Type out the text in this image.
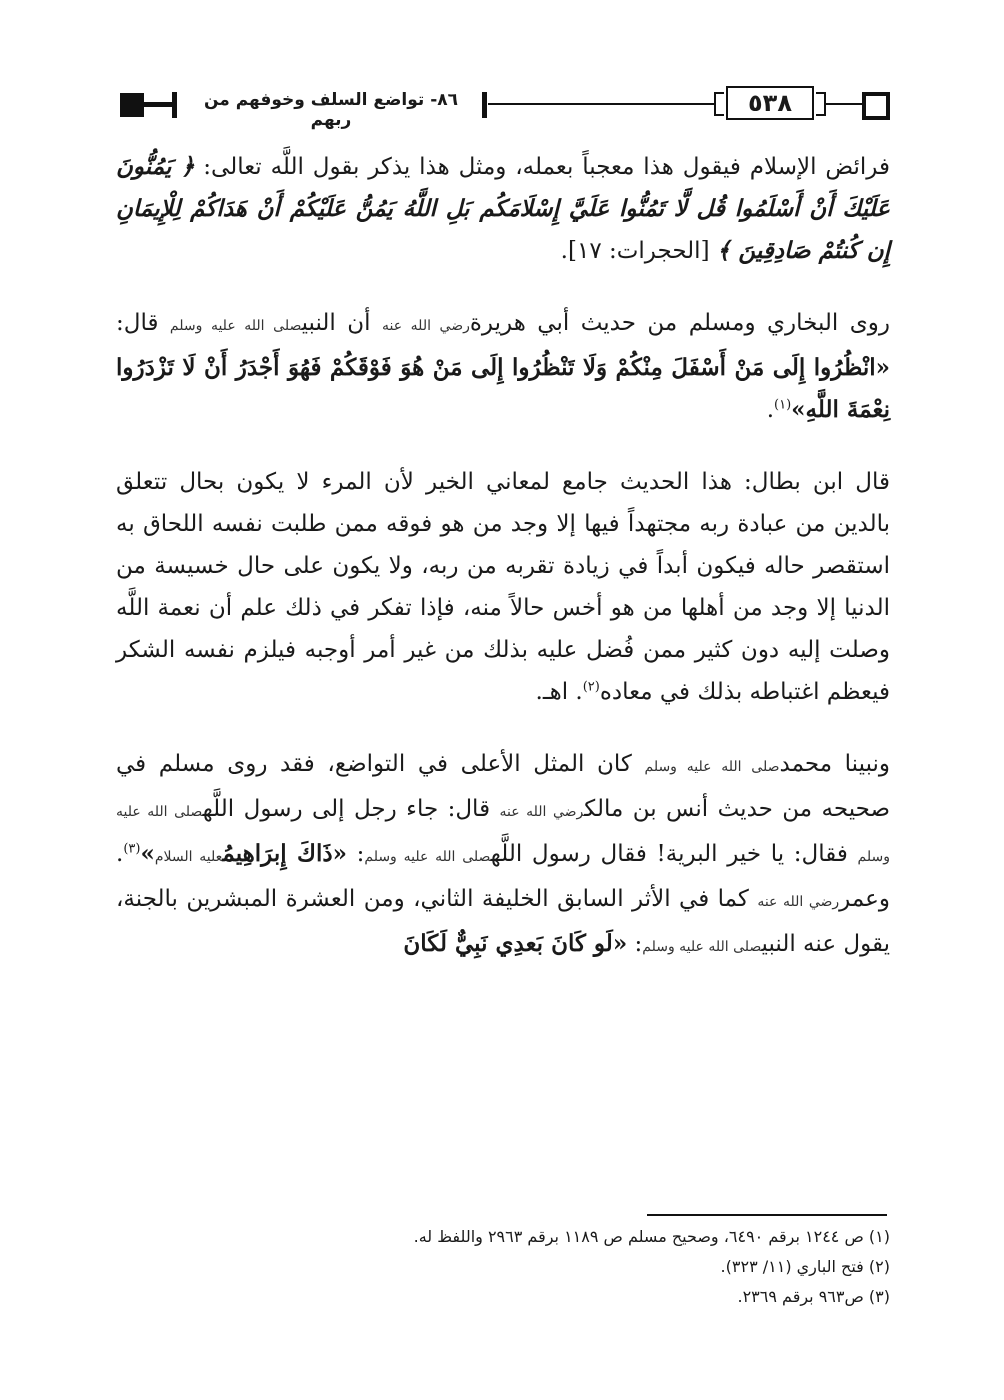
٨٦- تواضع السلف وخوفهم من ربهم
٥٣٨
فرائض الإسلام فيقول هذا معجباً بعمله، ومثل هذا يذكر بقول اللَّه تعالى: ﴿ يَمُنُّونَ عَلَيْكَ أَنْ أَسْلَمُوا قُل لَّا تَمُنُّوا عَلَيَّ إِسْلَامَكُم بَلِ اللَّهُ يَمُنُّ عَلَيْكُمْ أَنْ هَدَاكُمْ لِلْإِيمَانِ إِن كُنتُمْ صَادِقِينَ ﴾ [الحجرات: ١٧].
روى البخاري ومسلم من حديث أبي هريرةرضي الله عنه أن النبيصلى الله عليه وسلم قال: «انْظُرُوا إِلَى مَنْ أَسْفَلَ مِنْكُمْ وَلَا تَنْظُرُوا إِلَى مَنْ هُوَ فَوْقَكُمْ فَهُوَ أَجْدَرُ أَنْ لَا تَزْدَرُوا نِعْمَةَ اللَّهِ»$^{(١)}$.
قال ابن بطال: هذا الحديث جامع لمعاني الخير لأن المرء لا يكون بحال تتعلق بالدين من عبادة ربه مجتهداً فيها إلا وجد من هو فوقه ممن طلبت نفسه اللحاق به استقصر حاله فيكون أبداً في زيادة تقربه من ربه، ولا يكون على حال خسيسة من الدنيا إلا وجد من أهلها من هو أخس حالاً منه، فإذا تفكر في ذلك علم أن نعمة اللَّه وصلت إليه دون كثير ممن فُضل عليه بذلك من غير أمر أوجبه فيلزم نفسه الشكر فيعظم اغتباطه بذلك في معاده$^{(٢)}$. اهـ.
ونبينا محمدصلى الله عليه وسلم كان المثل الأعلى في التواضع، فقد روى مسلم في صحيحه من حديث أنس بن مالكرضي الله عنه قال: جاء رجل إلى رسول اللَّهصلى الله عليه وسلم فقال: يا خير البرية! فقال رسول اللَّهصلى الله عليه وسلم: «ذَاكَ إِبرَاهِيمُعليه السلام»$^{(٣)}$. وعمررضي الله عنه كما في الأثر السابق الخليفة الثاني، ومن العشرة المبشرين بالجنة، يقول عنه النبيصلى الله عليه وسلم: «لَو كَانَ بَعدِي نَبِيٌّ لَكَانَ
(١) ص ١٢٤٤ برقم ٦٤٩٠، وصحيح مسلم ص ١١٨٩ برقم ٢٩٦٣ واللفظ له.
(٢) فتح الباري (١١/ ٣٢٣).
(٣) ص٩٦٣ برقم ٢٣٦٩.
